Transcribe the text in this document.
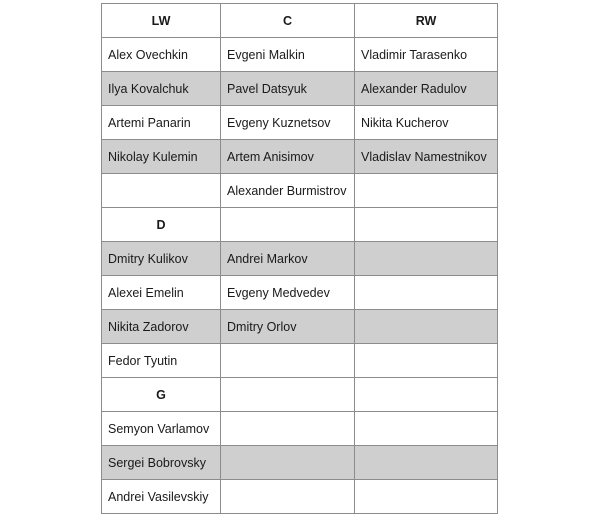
LW	C	RW
Alex Ovechkin	Evgeni Malkin	Vladimir Tarasenko
Ilya Kovalchuk	Pavel Datsyuk	Alexander Radulov
Artemi Panarin	Evgeny Kuznetsov	Nikita Kucherov
Nikolay Kulemin	Artem Anisimov	Vladislav Namestnikov
	Alexander Burmistrov	
D		
Dmitry Kulikov	Andrei Markov	
Alexei Emelin	Evgeny Medvedev	
Nikita Zadorov	Dmitry Orlov	
Fedor Tyutin		
G		
Semyon Varlamov		
Sergei Bobrovsky		
Andrei Vasilevskiy		
